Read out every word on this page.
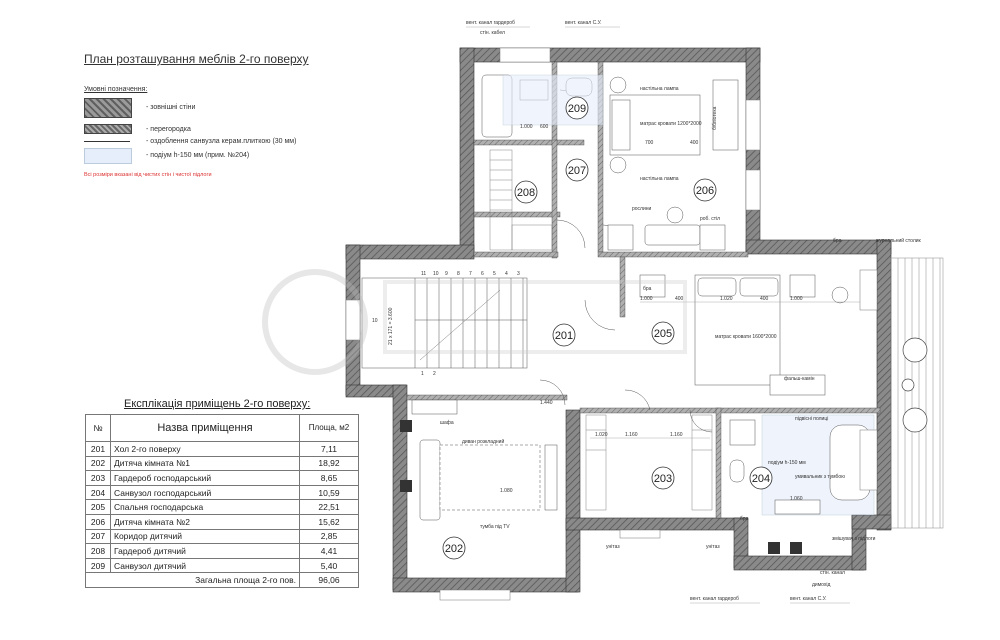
11 10 9 8 7 6 5 4 3
1 2
10 21 х 171 = 3.600
матрас кровати 1200*2000 бібліотека
настільна лампа
настільна лампа
роб. стіл
рослини
матрас кровати 1600*2000
бра
бра	журнальний столик
фальш-камін
шафа
диван розкладний
тумба під TV
подіум h-150 мм
умивальник з тумбою
підвісні полиці
змішувач з підлоги
бра
унітаз	унітаз
вент. канал гардероб	вент. канал С.У.
стін. кабел
вент. канал гардероб	вент. канал С.У.
стін. канал
димохід
1.000	400	1.020	400	1.000
1.020	1.160	1.160
1.080
1.440
1.000
700	400
600
1.060
201
202
203	204
205
206
207
208
209
План розташування меблів 2-го поверху
Умовні позначення:
- зовнішні стіни
- перегородка
- оздоблення санвузла керам.плиткою (30 мм)
- подіум h-150 мм (прим. №204)
Всі розміри вказані від чистих стін і чистої підлоги
Експлікація приміщень 2-го поверху:
№	Назва приміщення	Площа, м2
201	Хол 2-го поверху	7,11
202	Дитяча кімната №1	18,92
203	Гардероб господарський	8,65
204	Санвузол господарський	10,59
205	Спальня господарська	22,51
206	Дитяча кімната №2	15,62
207	Коридор дитячий	2,85
208	Гардероб дитячий	4,41
209	Санвузол дитячий	5,40
Загальна площа 2-го пов.		96,06
